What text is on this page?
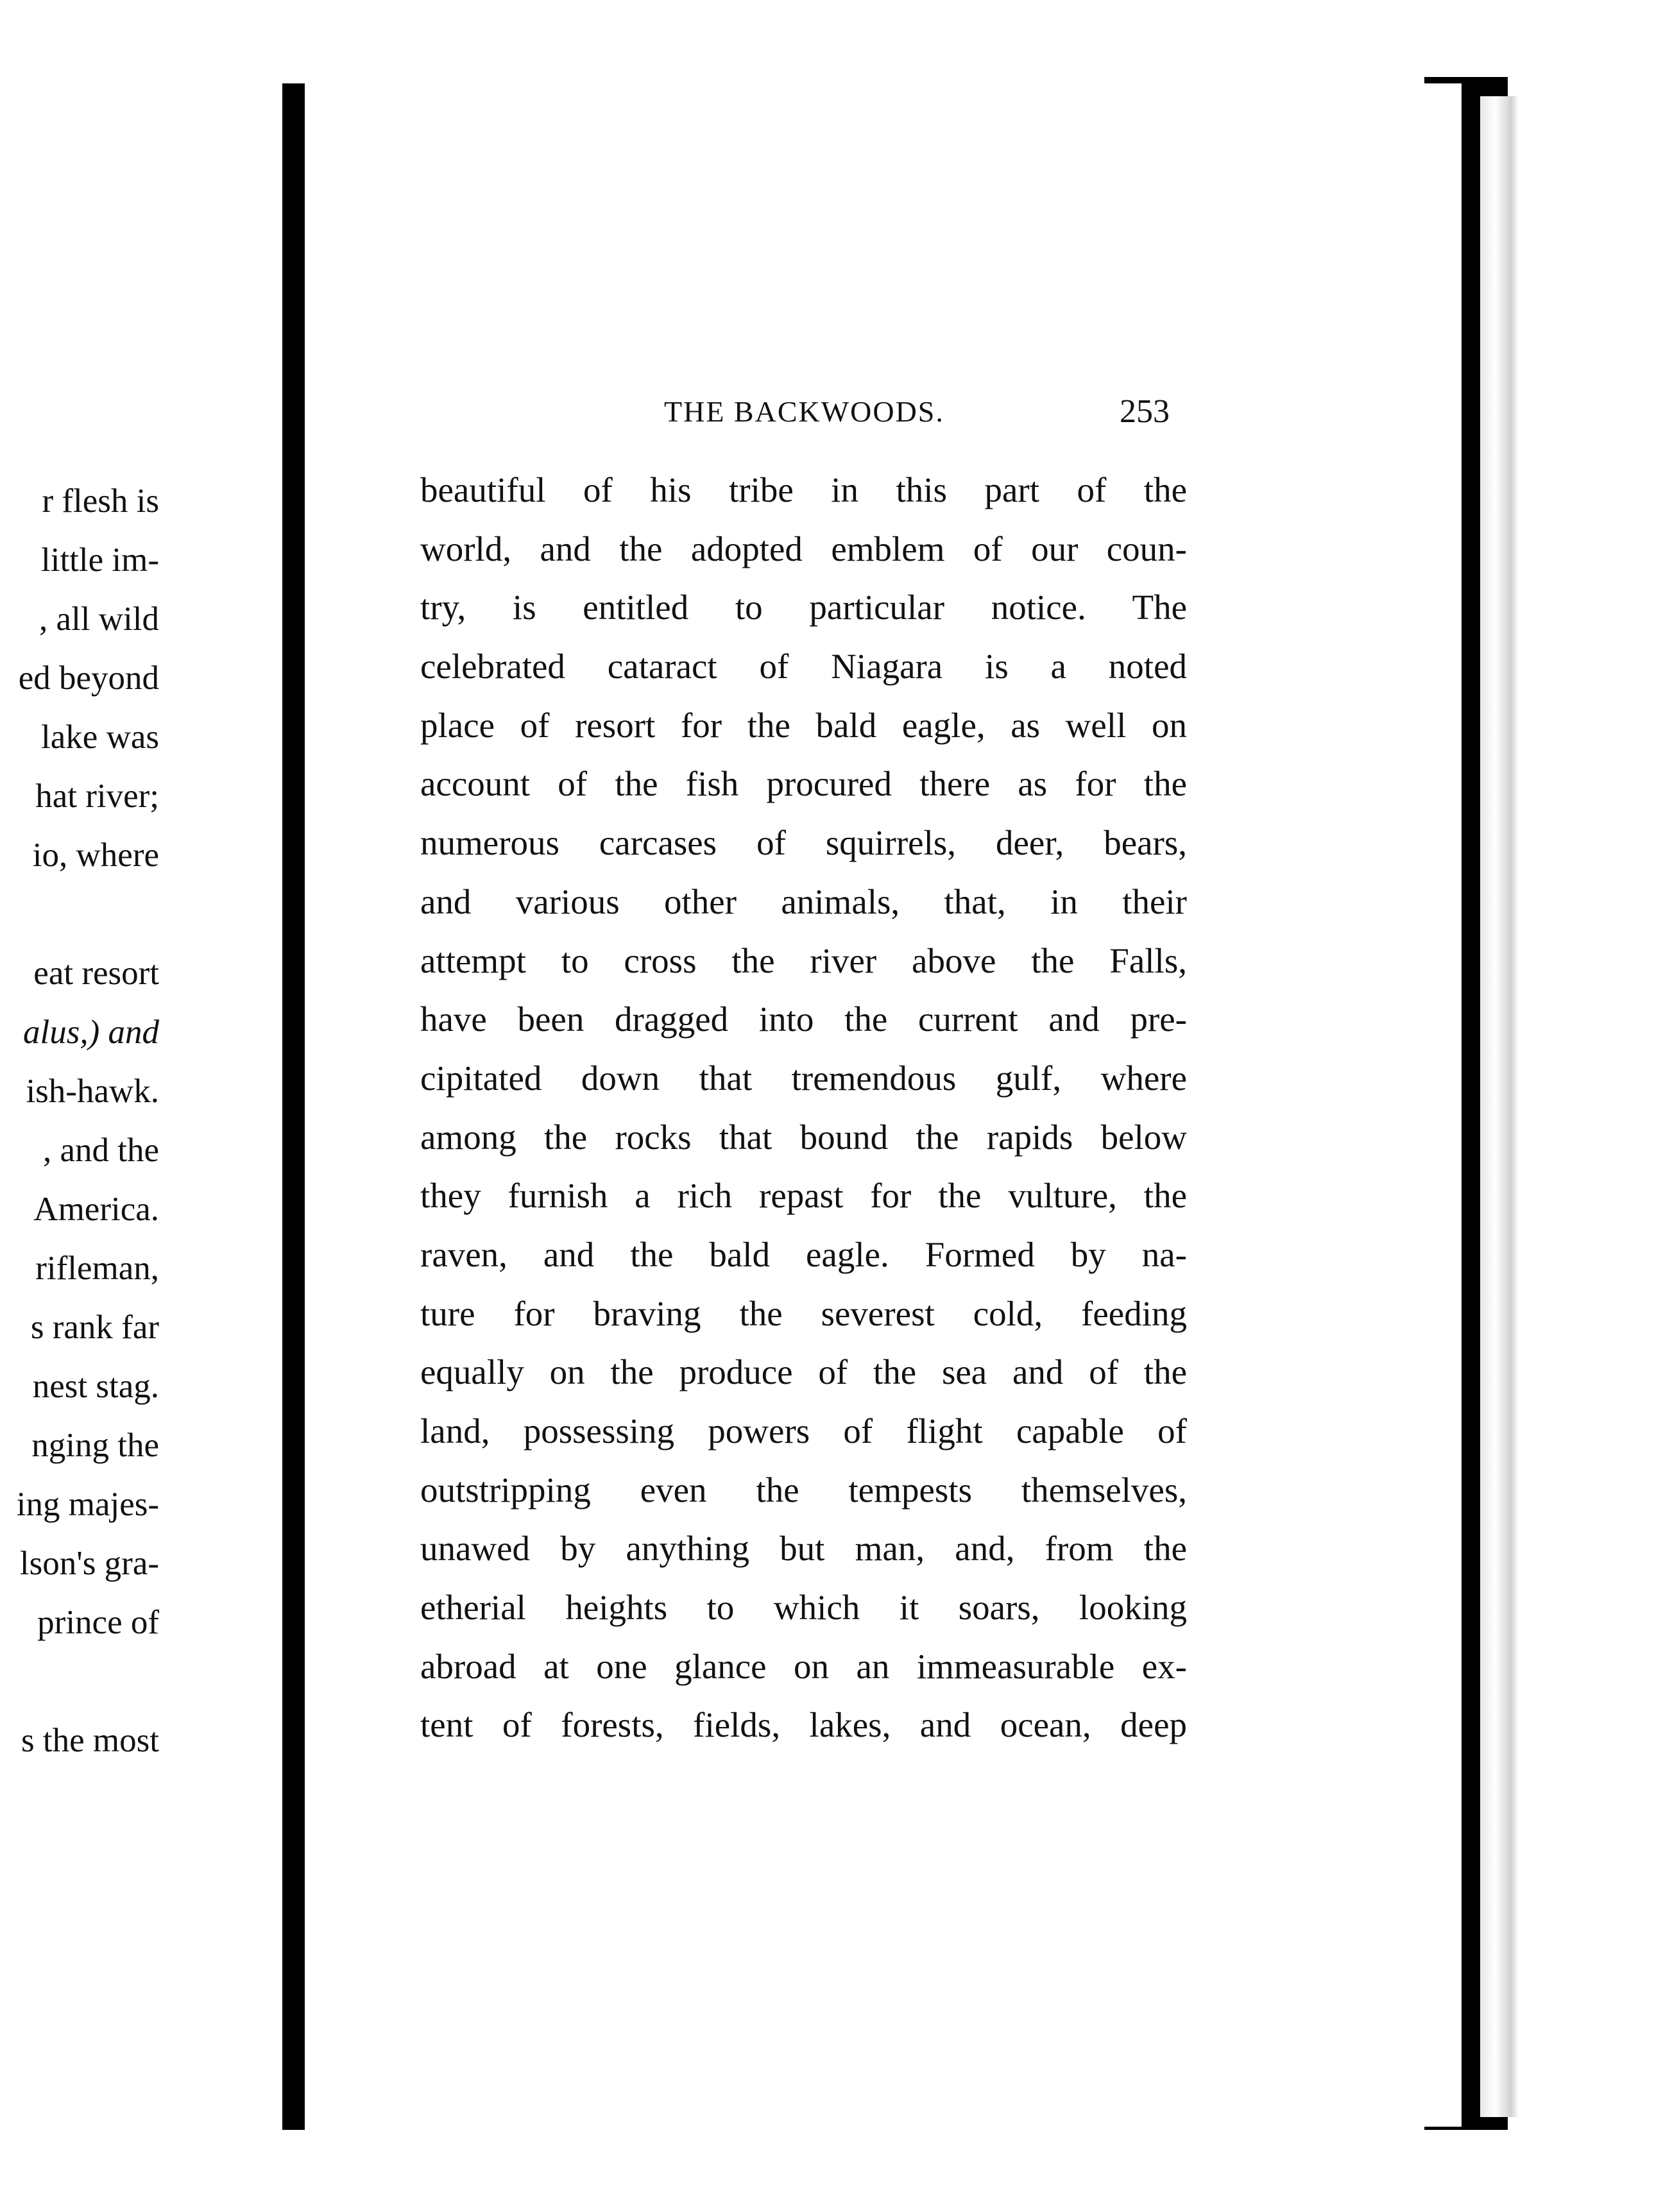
r flesh is
little im-
, all wild
ed beyond
lake was
hat river;
io, where
eat resort
alus,) and
ish-hawk.
, and the
America.
rifleman,
s rank far
nest stag.
nging the
ing majes-
lson's gra-
prince of
s the most
THE BACKWOODS.	253
beautiful of his tribe in this part of the
world, and the adopted emblem of our coun-
try, is entitled to particular notice. The
celebrated cataract of Niagara is a noted
place of resort for the bald eagle, as well on
account of the fish procured there as for the
numerous carcases of squirrels, deer, bears,
and various other animals, that, in their
attempt to cross the river above the Falls,
have been dragged into the current and pre-
cipitated down that tremendous gulf, where
among the rocks that bound the rapids below
they furnish a rich repast for the vulture, the
raven, and the bald eagle. Formed by na-
ture for braving the severest cold, feeding
equally on the produce of the sea and of the
land, possessing powers of flight capable of
outstripping even the tempests themselves,
unawed by anything but man, and, from the
etherial heights to which it soars, looking
abroad at one glance on an immeasurable ex-
tent of forests, fields, lakes, and ocean, deep
